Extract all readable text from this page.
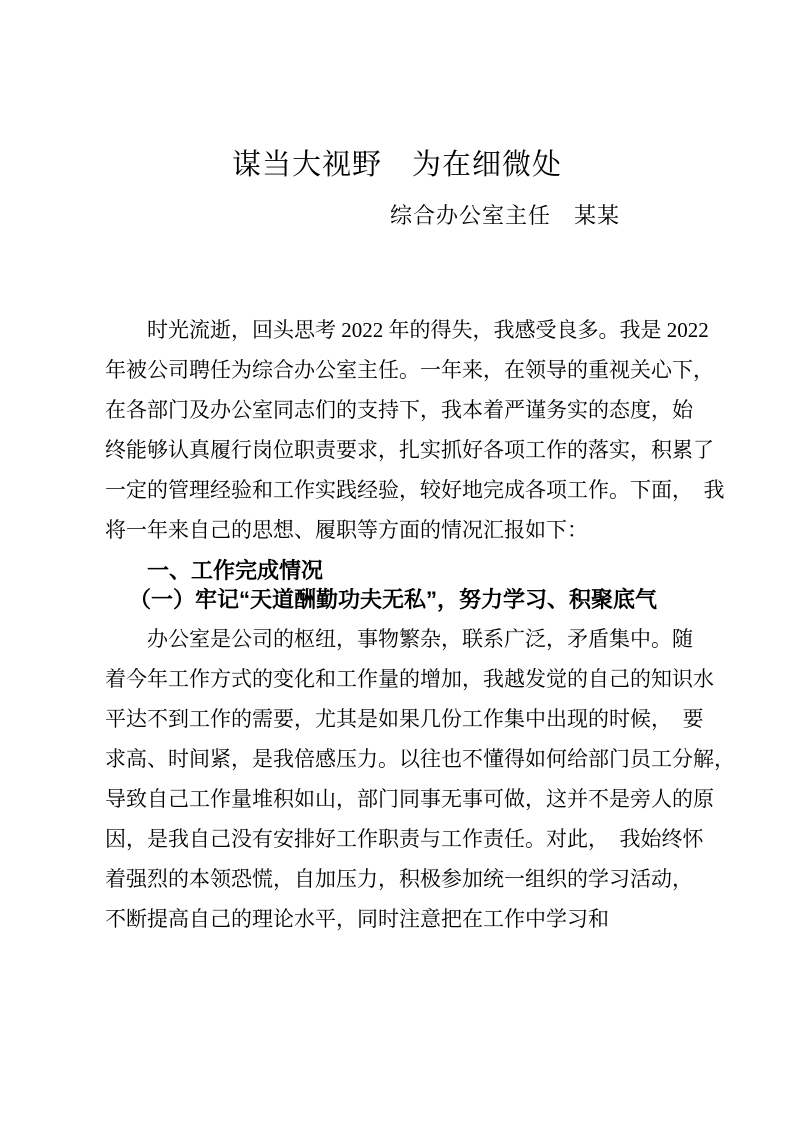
谋当大视野　为在细微处
综合办公室主任　某某
时光流逝，回头思考 2022 年的得失，我感受良多。我是 2022
年被公司聘任为综合办公室主任。一年来，在领导的重视关心下，
在各部门及办公室同志们的支持下，我本着严谨务实的态度，始
终能够认真履行岗位职责要求，扎实抓好各项工作的落实，积累了
一定的管理经验和工作实践经验，较好地完成各项工作。下面，　我
将一年来自己的思想、履职等方面的情况汇报如下：
一、工作完成情况
（一）牢记“天道酬勤功夫无私”，努力学习、积聚底气
办公室是公司的枢纽，事物繁杂，联系广泛，矛盾集中。随
着今年工作方式的变化和工作量的增加，我越发觉的自己的知识水
平达不到工作的需要，尤其是如果几份工作集中出现的时候，　要
求高、时间紧，是我倍感压力。以往也不懂得如何给部门员工分解，
导致自己工作量堆积如山，部门同事无事可做，这并不是旁人的原
因，是我自己没有安排好工作职责与工作责任。对此，　我始终怀
着强烈的本领恐慌，自加压力，积极参加统一组织的学习活动，
不断提高自己的理论水平，同时注意把在工作中学习和
